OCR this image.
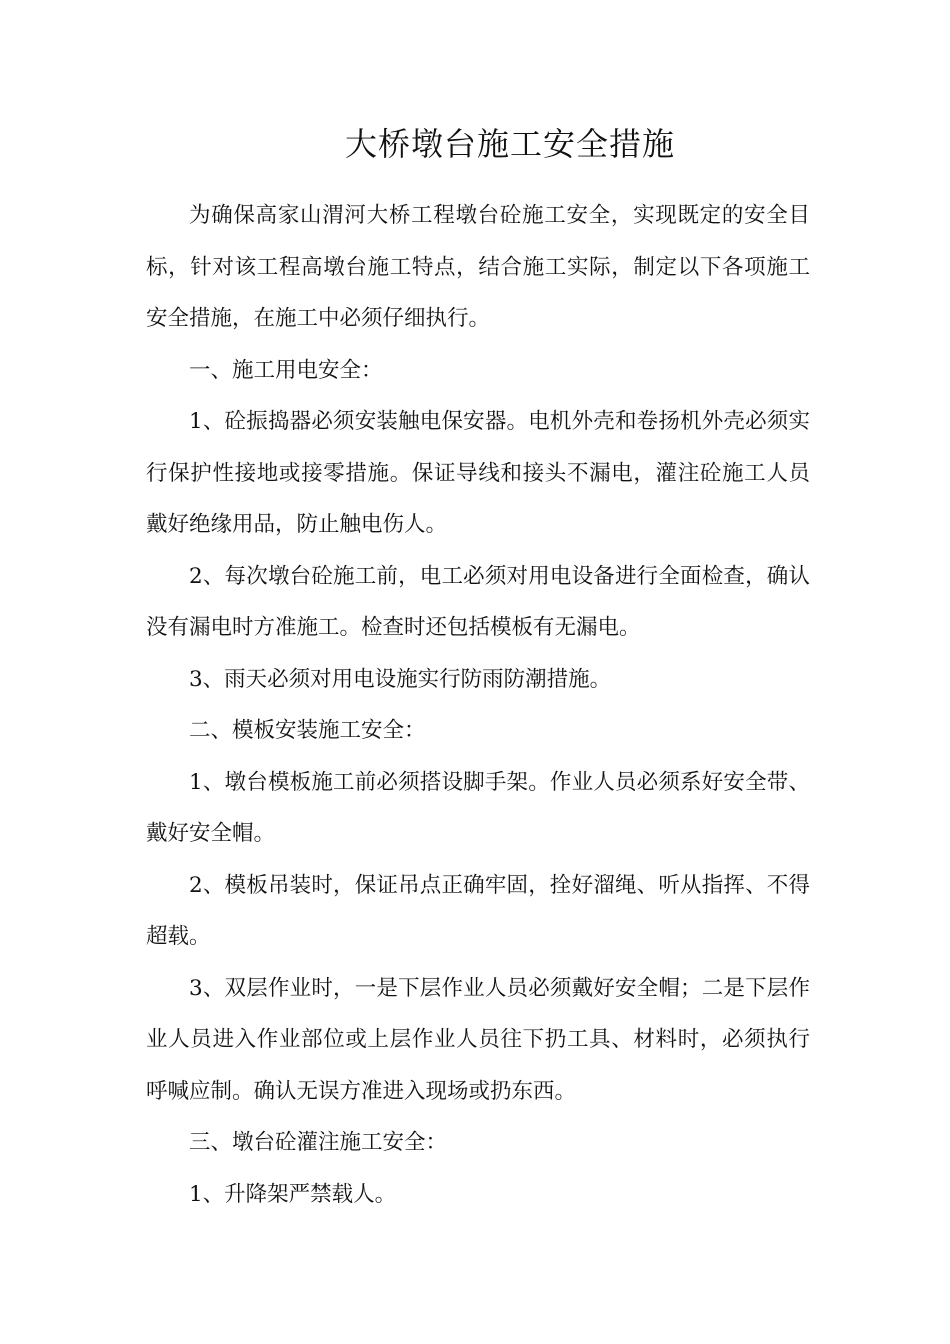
大桥墩台施工安全措施

为确保高家山渭河大桥工程墩台砼施工安全，实现既定的安全目标，针对该工程高墩台施工特点，结合施工实际，制定以下各项施工安全措施，在施工中必须仔细执行。

一、施工用电安全：

1、砼振捣器必须安装触电保安器。电机外壳和卷扬机外壳必须实行保护性接地或接零措施。保证导线和接头不漏电，灌注砼施工人员戴好绝缘用品，防止触电伤人。

2、每次墩台砼施工前，电工必须对用电设备进行全面检查，确认没有漏电时方准施工。检查时还包括模板有无漏电。

3、雨天必须对用电设施实行防雨防潮措施。

二、模板安装施工安全：

1、墩台模板施工前必须搭设脚手架。作业人员必须系好安全带、戴好安全帽。

2、模板吊装时，保证吊点正确牢固，拴好溜绳、听从指挥、不得超载。

3、双层作业时，一是下层作业人员必须戴好安全帽；二是下层作业人员进入作业部位或上层作业人员往下扔工具、材料时，必须执行呼喊应制。确认无误方准进入现场或扔东西。

三、墩台砼灌注施工安全：

1、升降架严禁载人。
